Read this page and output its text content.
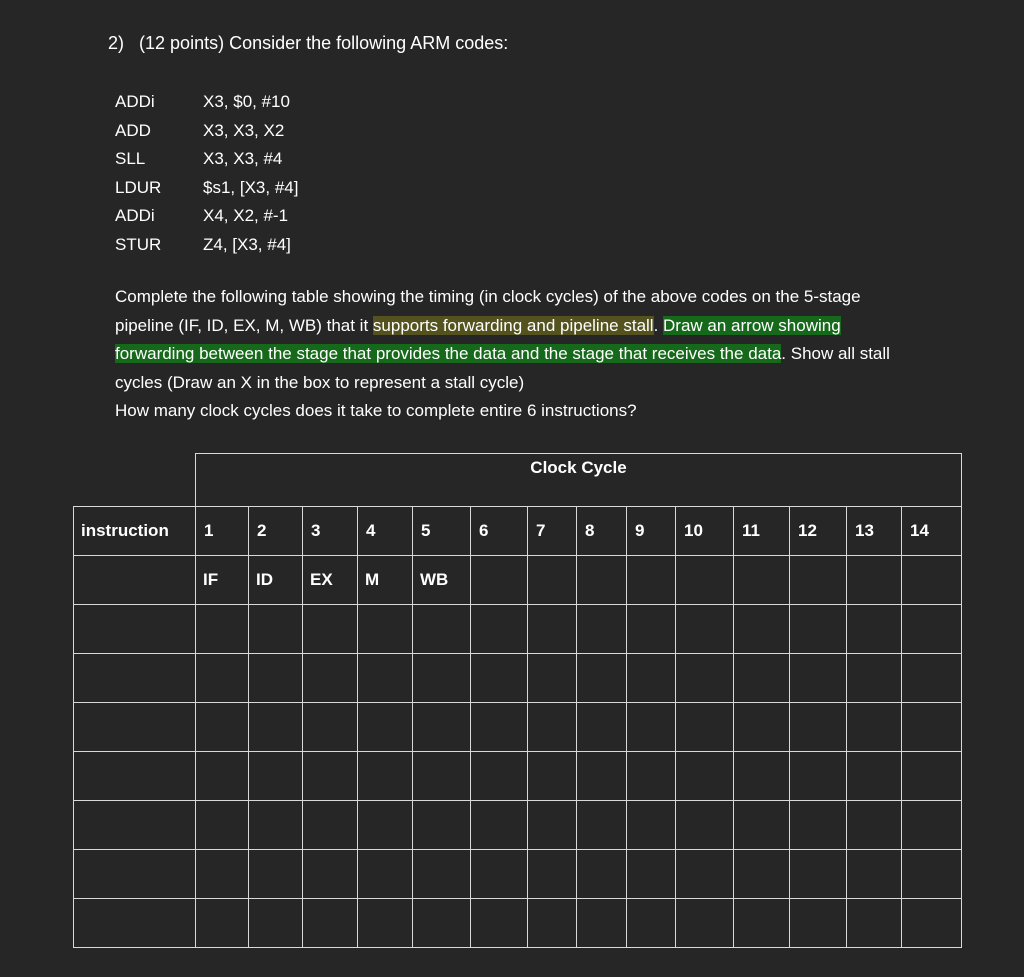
2) (12 points) Consider the following ARM codes:
ADDi	X3, $0, #10
ADD	X3, X3, X2
SLL	X3, X3, #4
LDUR $s1, [X3, #4]
ADDi	X4, X2, #-1
STUR Z4, [X3, #4]
Complete the following table showing the timing (in clock cycles) of the above codes on the 5-stage pipeline (IF, ID, EX, M, WB) that it supports forwarding and pipeline stall. Draw an arrow showing forwarding between the stage that provides the data and the stage that receives the data. Show all stall cycles (Draw an X in the box to represent a stall cycle)
How many clock cycles does it take to complete entire 6 instructions?
	Clock Cycle													
instruction	1	2	3	4	5	6	7	8	9	10	11	12	13	14
	IF	ID	EX	M	WB									
